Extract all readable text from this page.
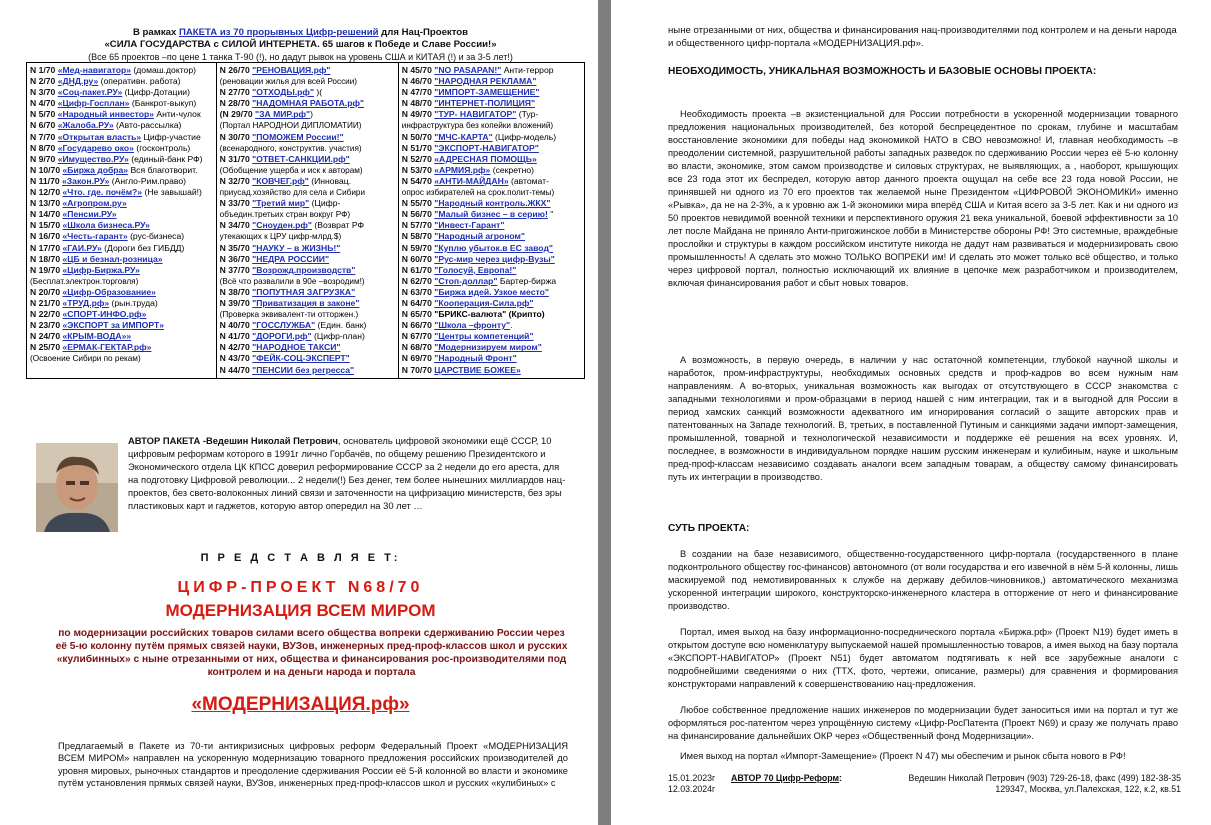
В рамках ПАКЕТА из 70 прорывных Цифр-решений для Нац-Проектов
«СИЛА ГОСУДАРСТВА с СИЛОЙ ИНТЕРНЕТА. 65 шагов к Победе и Славе России!»
(Все 65 проектов –по цене 1 танка Т-90 (!), но дадут рывок на уровень США и КИТАЯ (!) и за 3-5 лет!)
N 1/70 «Мед-навигатор» (домаш.доктор)
N 2/70 «ДНД.ру» (оперативн. работа)
N 3/70 «Соц-пакет.РУ» (Цифр-Дотации)
N 4/70 «Цифр-Госплан» (Банкрот-выкуп)
N 5/70 «Народный инвестор» Анти-чулок
N 6/70 «Жалоба.РУ» (Авто-рассылка)
N 7/70 «Открытая власть» Цифр-участие
N 8/70 «Государево око» (госконтроль)
N 9/70 «Имущество.РУ» (единый-банк РФ)
N 10/70 «Биржа добра» Вся благотворит.
N 11/70 «Закон.РУ» (Англо-Рим.право)
N 12/70 «Что. где. почём?» (Не завышай!)
N 13/70 «Агропром.ру»
N 14/70 «Пенсии.РУ»
N 15/70 «Школа бизнеса.РУ»
N 16/70 «Честь-гарант» (рус-бизнеса)
N 17/70 «ГАИ.РУ» (Дороги без ГИБДД)
N 18/70 «ЦБ и безнал-розница»
N 19/70 «Цифр-Биржа.РУ»
(Бесплат.электрон.торговля)
N 20/70 «Цифр-Образование»
N 21/70 «ТРУД.рф» (рын.труда)
N 22/70 «СПОРТ-ИНФО.рф»
N 23/70 «ЭКСПОРТ за ИМПОРТ»
N 24/70 «КРЫМ-ВОДА»»
N 25/70 «ЕРМАК-ГЕКТАР.рф»
(Освоение Сибири по рекам)

N 26/70 "РЕНОВАЦИЯ.рф"
(реновации жилья для всей России)
N 27/70 "ОТХОДЫ.рф" )(
N 28/70 "НАДОМНАЯ РАБОТА.рф"
(N 29/70 "ЗА МИР.рф")
(Портал НАРОДНОИ ДИПЛОМАТИИ)
N 30/70 "ПОМОЖЕМ России!"
(всенародного, конструктив. участия)
N 31/70 "ОТВЕТ-САНКЦИИ.рф"
(Обобщение ущерба и иск к авторам)
N 32/70 "КОВЧЕГ.рф" (Инновац.
приусад.хозяйство для села и Сибири
N 33/70 "Третий мир" (Цифр-
объедин.третьих стран вокруг РФ)
N 34/70 "Сноуден.рф" (Возврат РФ
утекающих к ЦРУ цифр-млрд.$)
N 35/70 "НАУКУ – в ЖИЗНЬ!"
N 36/70 "НЕДРА РОССИИ"
N 37/70 "Возрожд.производств"
(Всё что развалили в 90е –возродим!)
N 38/70 "ПОПУТНАЯ ЗАГРУЗКА"
N 39/70 "Приватизация в законе"
(Проверка эквивалент-ти отторжен.)
N 40/70 "ГОССЛУЖБА" (Един. банк)
N 41/70 "ДОРОГИ.рф" (Цифр-план)
N 42/70 "НАРОДНОЕ ТАКСИ"
N 43/70 "ФЕЙК-СОЦ-ЭКСПЕРТ"
N 44/70 "ПЕНСИИ без регресса"

N 45/70 "NO PASAPAN!" Анти-террор
N 46/70 "НАРОДНАЯ РЕКЛАМА"
N 47/70 "ИМПОРТ-ЗАМЕЩЕНИЕ"
N 48/70 "ИНТЕРНЕТ-ПОЛИЦИЯ"
N 49/70 "ТУР- НАВИГАТОР" (Тур-
инфраструктура без копейки вложений)
N 50/70 "МЧС-КАРТА" (Цифр-модель)
N 51/70 "ЭКСПОРТ-НАВИГАТОР"
N 52/70 «АДРЕСНАЯ ПОМОЩЬ»
N 53/70 «АРМИЯ.рф» (секретно)
N 54/70 «АНТИ-МАЙДАН» (автомат-
опрос избирателей на срок.полит-темы)
N 55/70 "Народный контроль.ЖКХ"
N 56/70 "Малый бизнес – в серию! "
N 57/70 "Инвест-Гарант"
N 58/70 "Народный агроном"
N 59/70 "Куплю убыток.в ЕС завод"
N 60/70 "Рус-мир через цифр-Вузы"
N 61/70 "Голосуй, Европа!"
N 62/70 "Стоп-доллар" Бартер-биржа
N 63/70 "Биржа идей. Узкое место"
N 64/70 "Кооперация-Сила.рф"
N 65/70 "БРИКС-валюта" (Крипто)
N 66/70 "Школа –фронту".
N 67/70 "Центры компетенций"
N 68/70 "Модернизируем миром"
N 69/70 "Народный Фронт"
N 70/70 ЦАРСТВИЕ БОЖЕЕ»

АВТОР ПАКЕТА -Ведешин Николай Петрович, основатель цифровой экономики ещё СССР, 10 цифровым реформам которого в 1991г лично Горбачёв, по общему решению Президентского и Экономического отдела ЦК КПСС доверил реформирование СССР за 2 недели до его ареста, для на подготовку Цифровой революции... 2 недели(!) Без денег, тем более нынешних миллиардов нац-проектов, без свето-волоконных линий связи и заточенности на цифризацию министерств, без эры пластиковых карт и гаджетов, которую автор опередил на 30 лет …

П Р Е Д С Т А В Л Я Е Т:
ЦИФР-ПРОЕКТ N68/70
МОДЕРНИЗАЦИЯ ВСЕМ МИРОМ
по модернизации российских товаров силами всего общества вопреки сдерживанию России через её 5-ю колонну путём прямых связей науки, ВУЗов, инженерных пред-проф-классов школ и русских «кулибинных» с ныне отрезанными от них, общества и финансирования рос-производителями под контролем и на деньги народа и портала
«МОДЕРНИЗАЦИЯ.рф»
Предлагаемый в Пакете из 70-ти антикризисных цифровых реформ Федеральный Проект «МОДЕРНИЗАЦИЯ ВСЕМ МИРОМ» направлен на ускоренную модернизацию товарного предложения российских производителей до уровня мировых, рыночных стандартов и преодоление сдерживания России её 5-й колонной во власти и экономике путём установления прямых связей науки, ВУЗов, инженерных пред-проф-классов школ и русских «кулибиных» с
ныне отрезанными от них, общества и финансирования нац-производителями под контролем и на деньги народа и общественного цифр-портала «МОДЕРНИЗАЦИЯ.рф».
НЕОБХОДИМОСТЬ, УНИКАЛЬНАЯ ВОЗМОЖНОСТЬ И БАЗОВЫЕ ОСНОВЫ ПРОЕКТА:

Необходимость проекта –в экзистенциальной для России потребности в ускоренной модернизации товарного предложения национальных производителей, без которой беспрецедентное по срокам, глубине и масштабам восстановление экономики для победы над экономикой НАТО в СВО невозможно! И, главная необходимость –в преодолении системной, разрушительной работы западных разведок по сдерживанию России через её 5-ю колонну во власти, экономике, этом самом производстве и силовых структурах, не выявляющих, а , наоборот, крышующих все 23 года этот их беспредел, которую автор данного проекта ощущал на себе все 23 года новой России, не принявшей ни одного из 70 его проектов так желаемой ныне Президентом «ЦИФРОВОЙ ЭКОНОМИКИ» именно «Рывка», да не на 2-3%, а к уровню аж 1-й экономики мира вперёд США и Китая всего за 3-5 лет. Как и ни одного из 50 проектов невидимой военной техники и перспективного оружия 21 века уникальной, боевой эффективности за 10 лет после Майдана не приняло Анти-пригожинское лобби в Министерстве обороны РФ! Это системные, враждебные прослойки и структуры в каждом российском институте никогда не дадут нам развиваться и модернизировать свою промышленность! А сделать это можно ТОЛЬКО ВОПРЕКИ им! И сделать это может только всё общество, и только через цифровой портал, полностью исключающий их влияние в цепочке меж разработчиком и производителем, включая финансирования работ и сбыт новых товаров.

А возможность, в первую очередь, в наличии у нас остаточной компетенции, глубокой научной школы и наработок, пром-инфраструктуры, необходимых основных средств и проф-кадров во всем нужным нам направлениям. А во-вторых, уникальная возможность как выгодах от отсутствующего в СССР знакомства с западными технологиями и пром-образцами в период нашей с ним интеграции, так и в выгодной для России в период хамских санкций возможности адекватного им игнорирования согласий о защите авторских прав и патентованных на Западе технологий. В, третьих, в поставленной Путиным и санкциями задачи импорт-замещения, промышленной, товарной и технологической независимости и поддержке её решения на всех уровнях. И, последнее, в возможности в индивидуальном порядке нашим русским инженерам и кулибиным, науке и школьным пред-проф-классам независимо создавать аналоги всем западным товарам, а обществу самому финансировать путь их интеграции в производство.

СУТЬ ПРОЕКТА:

В создании на базе независимого, общественно-государственного цифр-портала (государственного в плане подконтрольного обществу гос-финансов) автономного (от воли государства и его извечной в нём 5-й колонны, лишь маскируемой под немотивированных к службе на державу дебилов-чиновников,) автоматического механизма ускоренной интеграции широкого, конструкторско-инженерного кластера в отторжение от него и финансирование производство.

Портал, имея выход на базу информационно-посреднического портала «Биржа.рф» (Проект N19) будет иметь в открытом доступе всю номенклатуру выпускаемой нашей промышленностью товаров, а имея выход на базу портала «ЭКСПОРТ-НАВИГАТОР» (Проект N51) будет автоматом подтягивать к ней все зарубежные аналоги с подробнейшими сведениями о них (ТТХ, фото, чертежи, описание, размеры) для сравнения и формирования конструкторами направлений к совершенствованию нац-предложения.

Любое собственное предложение наших инженеров по модернизации будет заноситься ими на портал и тут же оформляться рос-патентом через упрощённую систему «Цифр-РосПатента (Проект N69) и сразу же получать право на финансирование дальнейших ОКР через «Общественный фонд Модернизации».

Имея выход на портал «Импорт-Замещение» (Проект N 47) мы обеспечим и рынок сбыта нового в РФ!

15.01.2023г
12.03.2024г
АВТОР 70 Цифр-Реформ:	Ведешин Николай Петрович (903) 729-26-18, факс (499) 182-38-35
129347, Москва, ул.Палехская, 122, к.2, кв.51
